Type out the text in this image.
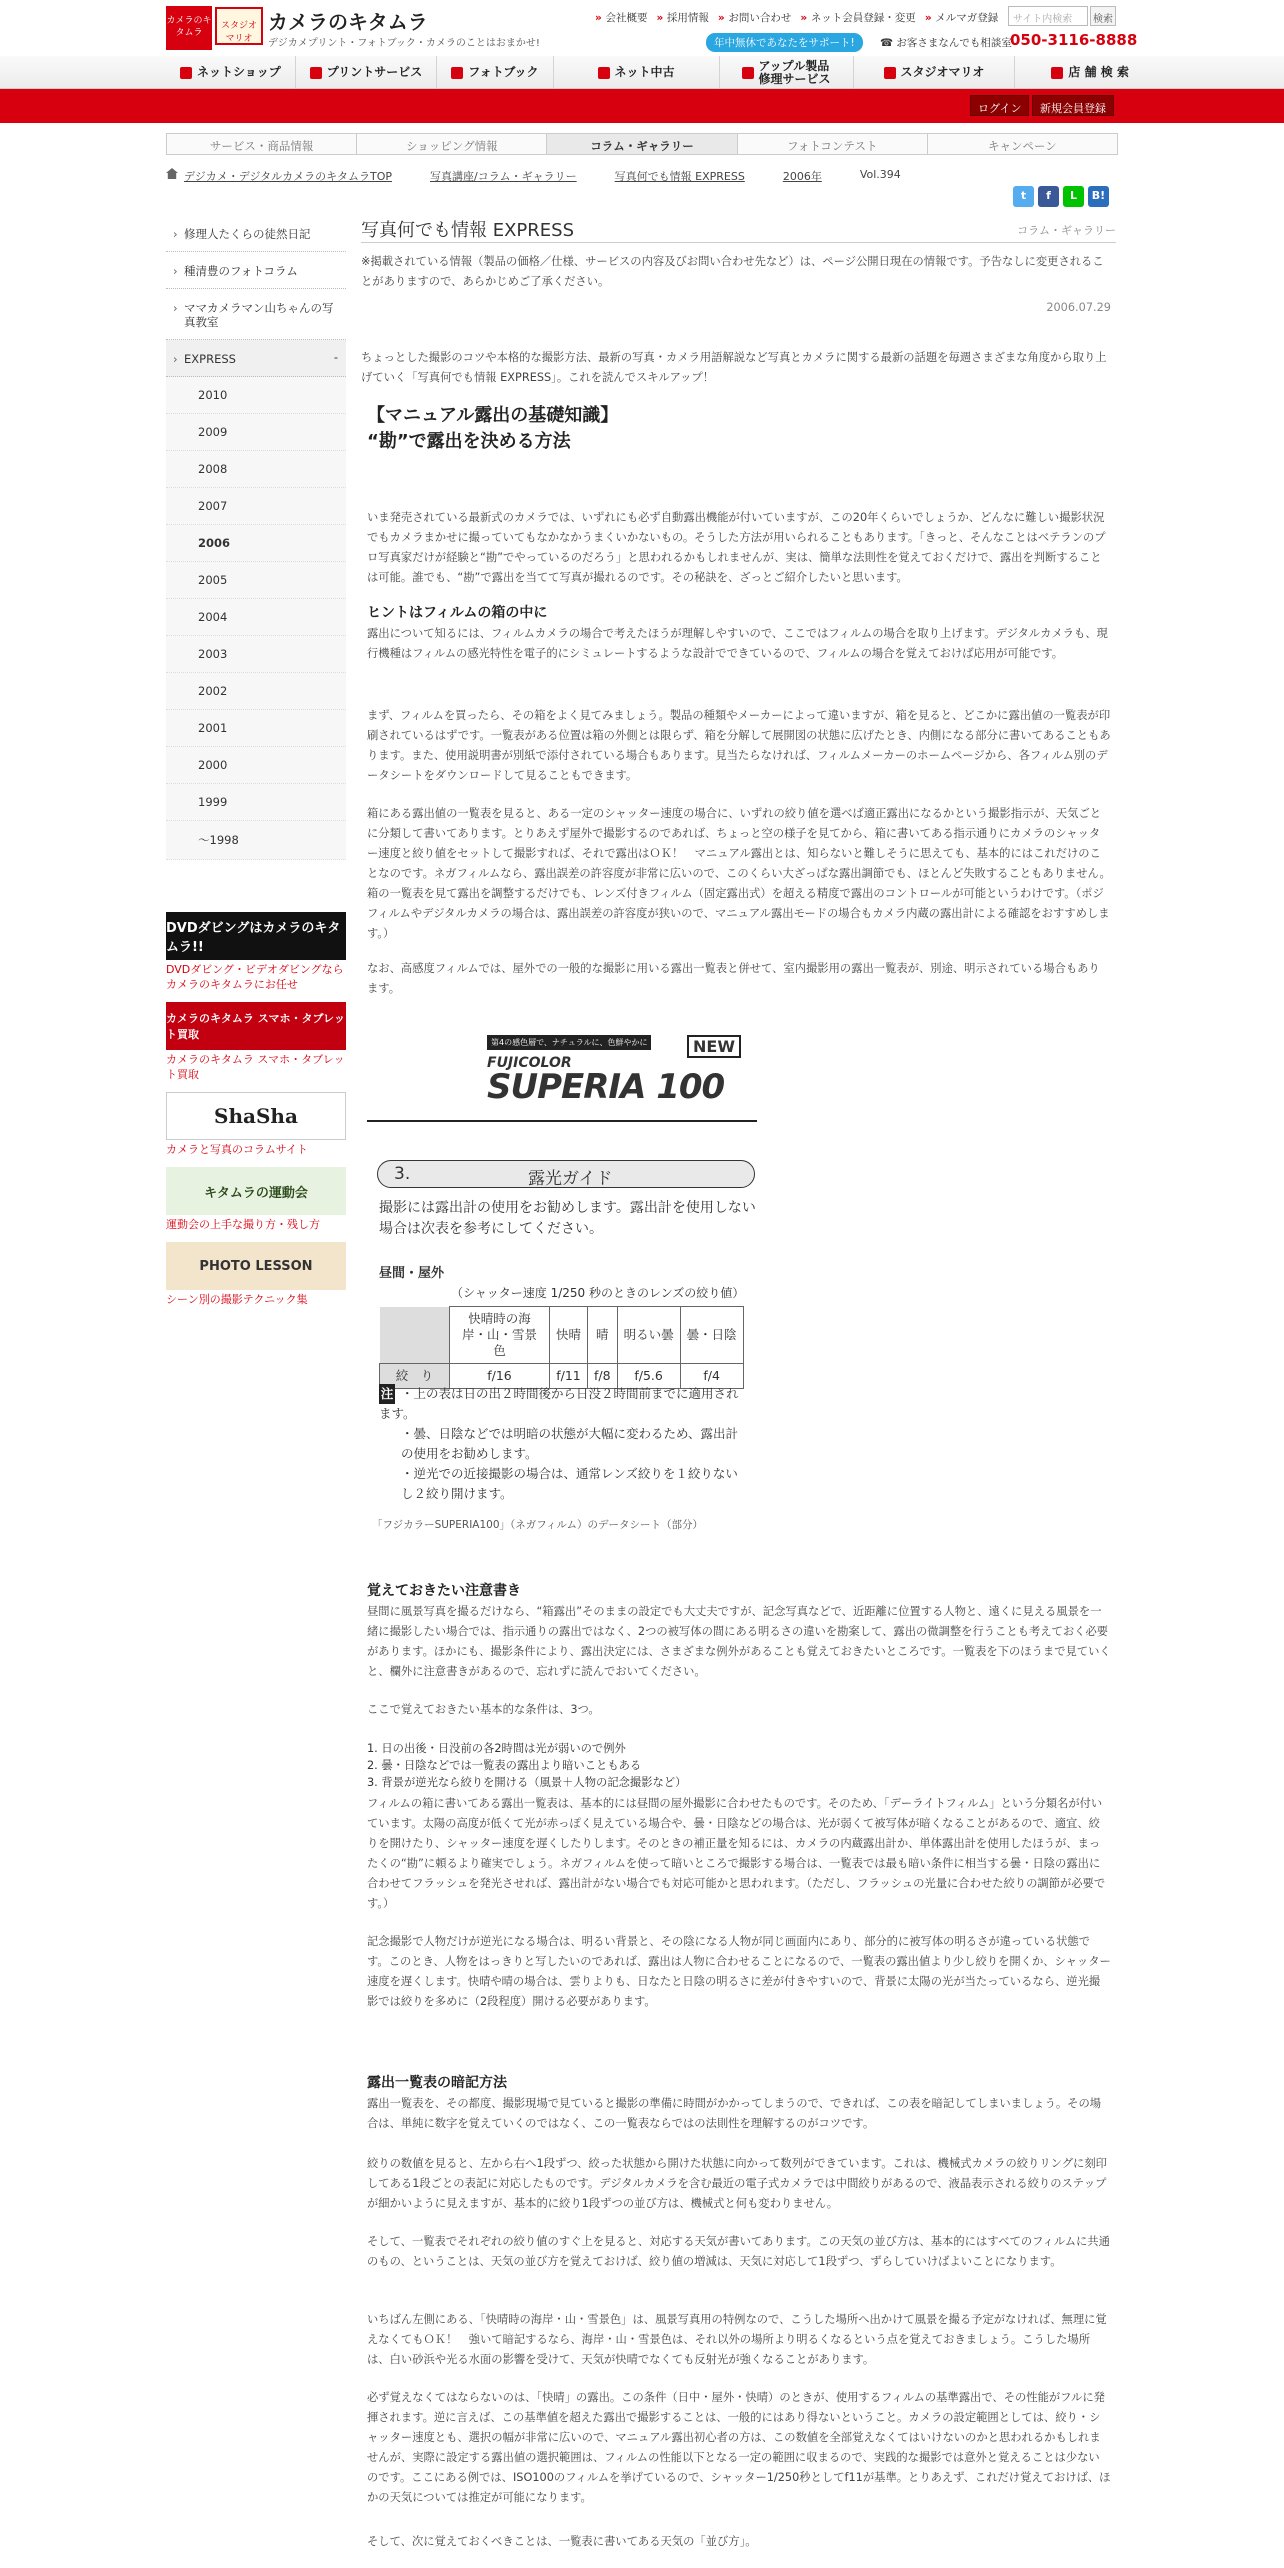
カメラのキタムラ
スタジオマリオ
カメラのキタムラ
デジカメプリント・フォトブック・カメラのことはおまかせ!
» 会社概要	» 採用情報	» お問い合わせ	» ネット会員登録・変更	» メルマガ登録	サイト内検索	検索
年中無休であなたをサポート!	☎ お客さまなんでも相談室
050-3116-8888
ネットショップ	プリントサービス	フォトブック	ネット中古	アップル製品
修理サービス	スタジオマリオ	店 舗 検 索
ログイン	新規会員登録
サービス・商品情報	ショッピング情報	コラム・ギャラリー	フォトコンテスト	キャンペーン
デジカメ・デジタルカメラのキタムラTOP	写真講座/コラム・ギャラリー	写真何でも情報 EXPRESS	2006年	Vol.394
t	f	L	B!
› 修理人たくらの徒然日記
› 種清豊のフォトコラム
› ママカメラマン山ちゃんの写真教室
› EXPRESS	-
2010
2009
2008
2007
2006
2005
2004
2003
2002
2001
2000
1999
～1998
DVDダビングはカメラのキタムラ!!
DVDダビング・ビデオダビングならカメラのキタムラにお任せ
カメラのキタムラ スマホ・タブレット買取
カメラのキタムラ スマホ・タブレット買取
ShaSha
カメラと写真のコラムサイト
キタムラの運動会
運動会の上手な撮り方・残し方
PHOTO LESSON
シーン別の撮影テクニック集
写真何でも情報 EXPRESS	コラム・ギャラリー
※掲載されている情報（製品の価格／仕様、サービスの内容及びお問い合わせ先など）は、ページ公開日現在の情報です。予告なしに変更されることがありますので、あらかじめご了承ください。
2006.07.29
ちょっとした撮影のコツや本格的な撮影方法、最新の写真・カメラ用語解説など写真とカメラに関する最新の話題を毎週さまざまな角度から取り上げていく「写真何でも情報 EXPRESS」。これを読んでスキルアップ！
【マニュアル露出の基礎知識】
“勘”で露出を決める方法
いま発売されている最新式のカメラでは、いずれにも必ず自動露出機能が付いていますが、この20年くらいでしょうか、どんなに難しい撮影状況でもカメラまかせに撮っていてもなかなかうまくいかないもの。そうした方法が用いられることもあります。「きっと、そんなことはベテランのプロ写真家だけが経験と“勘”でやっているのだろう」と思われるかもしれませんが、実は、簡単な法則性を覚えておくだけで、露出を判断することは可能。誰でも、“勘”で露出を当てて写真が撮れるのです。その秘訣を、ざっとご紹介したいと思います。
ヒントはフィルムの箱の中に
露出について知るには、フィルムカメラの場合で考えたほうが理解しやすいので、ここではフィルムの場合を取り上げます。デジタルカメラも、現行機種はフィルムの感光特性を電子的にシミュレートするような設計でできているので、フィルムの場合を覚えておけば応用が可能です。
まず、フィルムを買ったら、その箱をよく見てみましょう。製品の種類やメーカーによって違いますが、箱を見ると、どこかに露出値の一覧表が印刷されているはずです。一覧表がある位置は箱の外側とは限らず、箱を分解して展開図の状態に広げたとき、内側になる部分に書いてあることもあります。また、使用説明書が別紙で添付されている場合もあります。見当たらなければ、フィルムメーカーのホームページから、各フィルム別のデータシートをダウンロードして見ることもできます。
箱にある露出値の一覧表を見ると、ある一定のシャッター速度の場合に、いずれの絞り値を選べば適正露出になるかという撮影指示が、天気ごとに分類して書いてあります。とりあえず屋外で撮影するのであれば、ちょっと空の様子を見てから、箱に書いてある指示通りにカメラのシャッター速度と絞り値をセットして撮影すれば、それで露出はＯＫ！　マニュアル露出とは、知らないと難しそうに思えても、基本的にはこれだけのことなのです。ネガフィルムなら、露出誤差の許容度が非常に広いので、このくらい大ざっぱな露出調節でも、ほとんど失敗することもありません。箱の一覧表を見て露出を調整するだけでも、レンズ付きフィルム（固定露出式）を超える精度で露出のコントロールが可能というわけです。（ポジフィルムやデジタルカメラの場合は、露出誤差の許容度が狭いので、マニュアル露出モードの場合もカメラ内蔵の露出計による確認をおすすめします。）
なお、高感度フィルムでは、屋外での一般的な撮影に用いる露出一覧表と併せて、室内撮影用の露出一覧表が、別途、明示されている場合もあります。
覚えておきたい注意書き
昼間に風景写真を撮るだけなら、“箱露出”そのままの設定でも大丈夫ですが、記念写真などで、近距離に位置する人物と、遠くに見える風景を一緒に撮影したい場合では、指示通りの露出ではなく、2つの被写体の間にある明るさの違いを勘案して、露出の微調整を行うことも考えておく必要があります。ほかにも、撮影条件により、露出決定には、さまざまな例外があることも覚えておきたいところです。一覧表を下のほうまで見ていくと、欄外に注意書きがあるので、忘れずに読んでおいてください。
ここで覚えておきたい基本的な条件は、3つ。
1. 日の出後・日没前の各2時間は光が弱いので例外
2. 曇・日陰などでは一覧表の露出より暗いこともある
3. 背景が逆光なら絞りを開ける（風景＋人物の記念撮影など）
フィルムの箱に書いてある露出一覧表は、基本的には昼間の屋外撮影に合わせたものです。そのため、「デーライトフィルム」という分類名が付いています。太陽の高度が低くて光が赤っぽく見えている場合や、曇・日陰などの場合は、光が弱くて被写体が暗くなることがあるので、適宜、絞りを開けたり、シャッター速度を遅くしたりします。そのときの補正量を知るには、カメラの内蔵露出計か、単体露出計を使用したほうが、まったくの“勘”に頼るより確実でしょう。ネガフィルムを使って暗いところで撮影する場合は、一覧表では最も暗い条件に相当する曇・日陰の露出に合わせてフラッシュを発光させれば、露出計がない場合でも対応可能かと思われます。（ただし、フラッシュの光量に合わせた絞りの調節が必要です。）
記念撮影で人物だけが逆光になる場合は、明るい背景と、その陰になる人物が同じ画面内にあり、部分的に被写体の明るさが違っている状態です。このとき、人物をはっきりと写したいのであれば、露出は人物に合わせることになるので、一覧表の露出値より少し絞りを開くか、シャッター速度を遅くします。快晴や晴の場合は、雲りよりも、日なたと日陰の明るさに差が付きやすいので、背景に太陽の光が当たっているなら、逆光撮影では絞りを多めに（2段程度）開ける必要があります。
露出一覧表の暗記方法
露出一覧表を、その都度、撮影現場で見ていると撮影の準備に時間がかかってしまうので、できれば、この表を暗記してしまいましょう。その場合は、単純に数字を覚えていくのではなく、この一覧表ならではの法則性を理解するのがコツです。
絞りの数値を見ると、左から右へ1段ずつ、絞った状態から開けた状態に向かって数列ができています。これは、機械式カメラの絞りリングに刻印してある1段ごとの表記に対応したものです。デジタルカメラを含む最近の電子式カメラでは中間絞りがあるので、液晶表示される絞りのステップが細かいように見えますが、基本的に絞り1段ずつの並び方は、機械式と何も変わりません。
そして、一覧表でそれぞれの絞り値のすぐ上を見ると、対応する天気が書いてあります。この天気の並び方は、基本的にはすべてのフィルムに共通のもの、ということは、天気の並び方を覚えておけば、絞り値の増減は、天気に対応して1段ずつ、ずらしていけばよいことになります。
いちばん左側にある、「快晴時の海岸・山・雪景色」は、風景写真用の特例なので、こうした場所へ出かけて風景を撮る予定がなければ、無理に覚えなくてもＯＫ！　強いて暗記するなら、海岸・山・雪景色は、それ以外の場所より明るくなるという点を覚えておきましょう。こうした場所は、白い砂浜や光る水面の影響を受けて、天気が快晴でなくても反射光が強くなることがあります。
必ず覚えなくてはならないのは、「快晴」の露出。この条件（日中・屋外・快晴）のときが、使用するフィルムの基準露出で、その性能がフルに発揮されます。逆に言えば、この基準値を超えた露出で撮影することは、一般的にはあり得ないということ。カメラの設定範囲としては、絞り・シャッター速度とも、選択の幅が非常に広いので、マニュアル露出初心者の方は、この数値を全部覚えなくてはいけないのかと思われるかもしれませんが、実際に設定する露出値の選択範囲は、フィルムの性能以下となる一定の範囲に収まるので、実践的な撮影では意外と覚えることは少ないのです。ここにある例では、ISO100のフィルムを挙げているので、シャッター1/250秒としてf11が基準。とりあえず、これだけ覚えておけば、ほかの天気については推定が可能になります。
そして、次に覚えておくべきことは、一覧表に書いてある天気の「並び方」。
第4の感色層で、ナチュラルに、色鮮やかに	NEW
FUJICOLOR
SUPERIA 100
3.	露光ガイド
撮影には露出計の使用をお勧めします。露出計を使用しない場合は次表を参考にしてください。
昼間・屋外
（シャッター速度 1/250 秒のときのレンズの絞り値）
	快晴時の海岸・山・雪景色	快晴	晴	明るい曇	曇・日陰
絞　り	f/16	f/11	f/8	f/5.6	f/4
注 ・上の表は日の出２時間後から日没２時間前までに適用されます。
・曇、日陰などでは明暗の状態が大幅に変わるため、露出計の使用をお勧めします。
・逆光での近接撮影の場合は、通常レンズ絞りを１絞りないし２絞り開けます。
「フジカラーSUPERIA100」（ネガフィルム）のデータシート（部分）
